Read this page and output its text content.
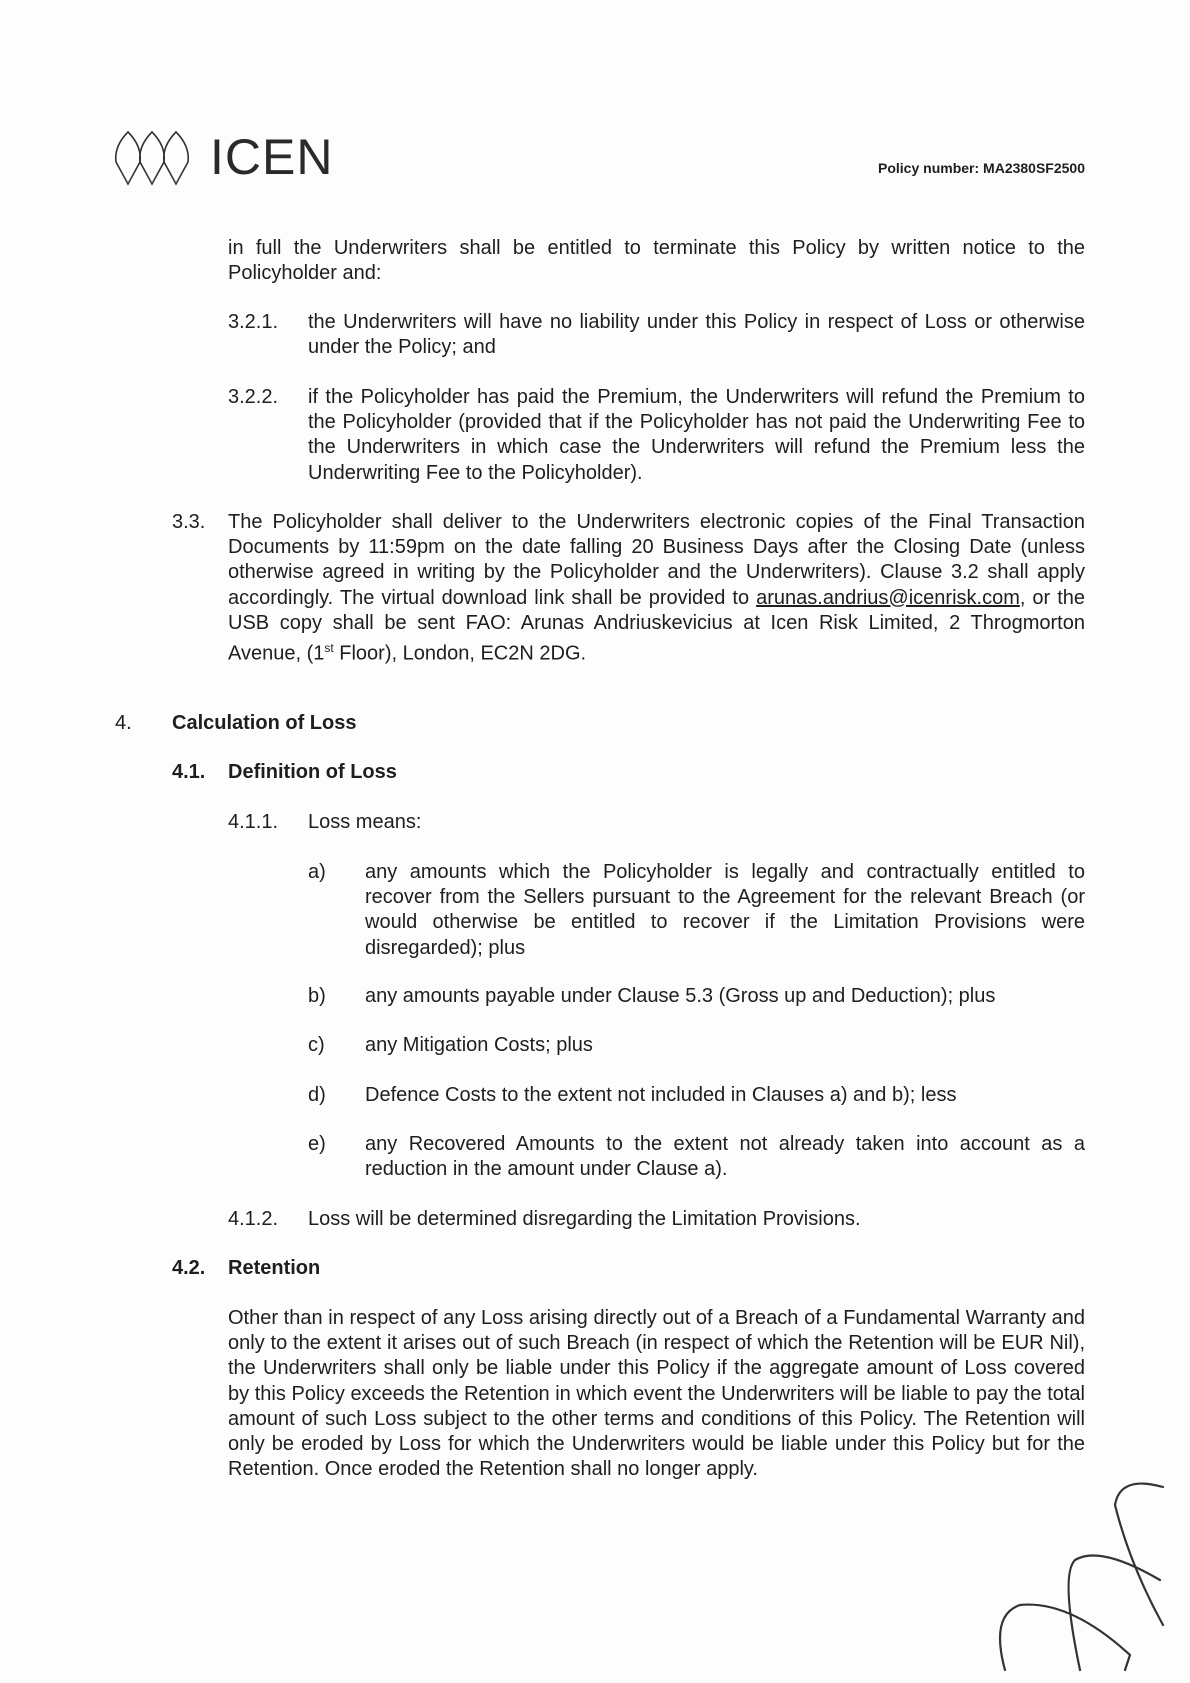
ICEN	Policy number: MA2380SF2500
in full the Underwriters shall be entitled to terminate this Policy by written notice to the Policyholder and:
3.2.1. the Underwriters will have no liability under this Policy in respect of Loss or otherwise under the Policy; and
3.2.2. if the Policyholder has paid the Premium, the Underwriters will refund the Premium to the Policyholder (provided that if the Policyholder has not paid the Underwriting Fee to the Underwriters in which case the Underwriters will refund the Premium less the Underwriting Fee to the Policyholder).
3.3. The Policyholder shall deliver to the Underwriters electronic copies of the Final Transaction Documents by 11:59pm on the date falling 20 Business Days after the Closing Date (unless otherwise agreed in writing by the Policyholder and the Underwriters). Clause 3.2 shall apply accordingly. The virtual download link shall be provided to arunas.andrius@icenrisk.com, or the USB copy shall be sent FAO: Arunas Andriuskevicius at Icen Risk Limited, 2 Throgmorton Avenue, (1st Floor), London, EC2N 2DG.
4. Calculation of Loss
4.1. Definition of Loss
4.1.1. Loss means:
a) any amounts which the Policyholder is legally and contractually entitled to recover from the Sellers pursuant to the Agreement for the relevant Breach (or would otherwise be entitled to recover if the Limitation Provisions were disregarded); plus
b) any amounts payable under Clause 5.3 (Gross up and Deduction); plus
c) any Mitigation Costs; plus
d) Defence Costs to the extent not included in Clauses a) and b); less
e) any Recovered Amounts to the extent not already taken into account as a reduction in the amount under Clause a).
4.1.2. Loss will be determined disregarding the Limitation Provisions.
4.2. Retention
Other than in respect of any Loss arising directly out of a Breach of a Fundamental Warranty and only to the extent it arises out of such Breach (in respect of which the Retention will be EUR Nil), the Underwriters shall only be liable under this Policy if the aggregate amount of Loss covered by this Policy exceeds the Retention in which event the Underwriters will be liable to pay the total amount of such Loss subject to the other terms and conditions of this Policy. The Retention will only be eroded by Loss for which the Underwriters would be liable under this Policy but for the Retention. Once eroded the Retention shall no longer apply.
